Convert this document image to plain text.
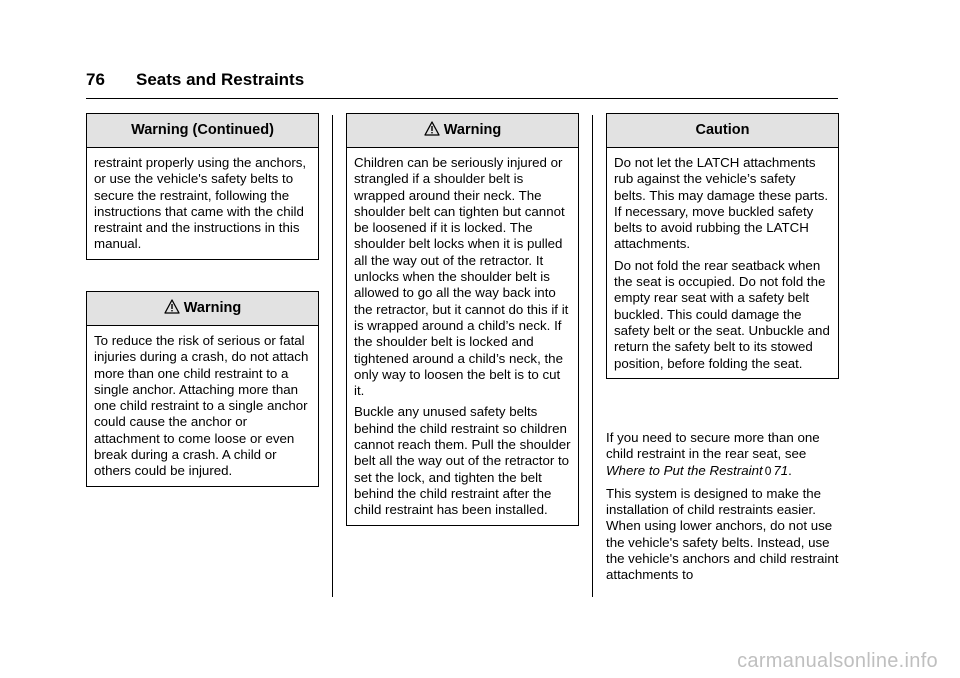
76 Seats and Restraints
Warning (Continued)

restraint properly using the anchors, or use the vehicle's safety belts to secure the restraint, following the instructions that came with the child restraint and the instructions in this manual.

Warning

To reduce the risk of serious or fatal injuries during a crash, do not attach more than one child restraint to a single anchor. Attaching more than one child restraint to a single anchor could cause the anchor or attachment to come loose or even break during a crash. A child or others could be injured.

Warning

Children can be seriously injured or strangled if a shoulder belt is wrapped around their neck. The shoulder belt can tighten but cannot be loosened if it is locked. The shoulder belt locks when it is pulled all the way out of the retractor. It unlocks when the shoulder belt is allowed to go all the way back into the retractor, but it cannot do this if it is wrapped around a child’s neck. If the shoulder belt is locked and tightened around a child’s neck, the only way to loosen the belt is to cut it.

Buckle any unused safety belts behind the child restraint so children cannot reach them. Pull the shoulder belt all the way out of the retractor to set the lock, and tighten the belt behind the child restraint after the child restraint has been installed.

Caution

Do not let the LATCH attachments rub against the vehicle’s safety belts. This may damage these parts. If necessary, move buckled safety belts to avoid rubbing the LATCH attachments.

Do not fold the rear seatback when the seat is occupied. Do not fold the empty rear seat with a safety belt buckled. This could damage the safety belt or the seat. Unbuckle and return the safety belt to its stowed position, before folding the seat.

If you need to secure more than one child restraint in the rear seat, see Where to Put the Restraint 0 71.

This system is designed to make the installation of child restraints easier. When using lower anchors, do not use the vehicle's safety belts. Instead, use the vehicle's anchors and child restraint attachments to

carmanualsonline.info
